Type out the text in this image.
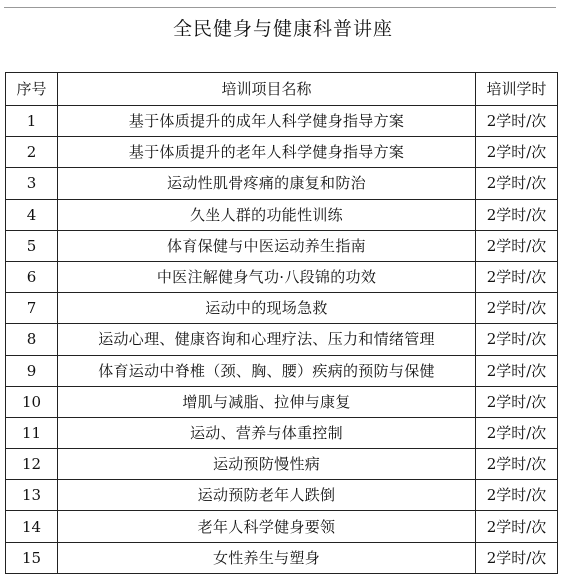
全民健身与健康科普讲座
序号	培训项目名称	培训学时
1	基于体质提升的成年人科学健身指导方案	2学时/次
2	基于体质提升的老年人科学健身指导方案	2学时/次
3	运动性肌骨疼痛的康复和防治	2学时/次
4	久坐人群的功能性训练	2学时/次
5	体育保健与中医运动养生指南	2学时/次
6	中医注解健身气功·八段锦的功效	2学时/次
7	运动中的现场急救	2学时/次
8	运动心理、健康咨询和心理疗法、压力和情绪管理	2学时/次
9	体育运动中脊椎（颈、胸、腰）疾病的预防与保健	2学时/次
10	增肌与减脂、拉伸与康复	2学时/次
11	运动、营养与体重控制	2学时/次
12	运动预防慢性病	2学时/次
13	运动预防老年人跌倒	2学时/次
14	老年人科学健身要领	2学时/次
15	女性养生与塑身	2学时/次
